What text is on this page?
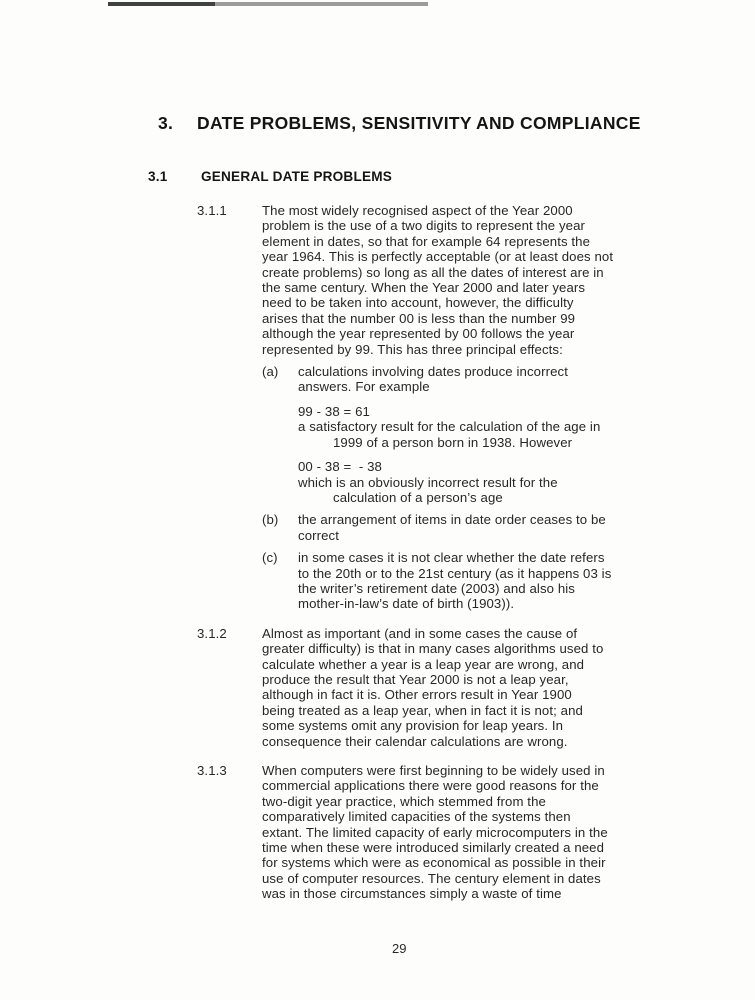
3.	DATE PROBLEMS, SENSITIVITY AND COMPLIANCE
3.1	GENERAL DATE PROBLEMS
3.1.1	The most widely recognised aspect of the Year 2000
problem is the use of a two digits to represent the year
element in dates, so that for example 64 represents the
year 1964. This is perfectly acceptable (or at least does not
create problems) so long as all the dates of interest are in
the same century. When the Year 2000 and later years
need to be taken into account, however, the difficulty
arises that the number 00 is less than the number 99
although the year represented by 00 follows the year
represented by 99. This has three principal effects:
(a)	calculations involving dates produce incorrect
answers. For example
99 - 38 = 61
a satisfactory result for the calculation of the age in
1999 of a person born in 1938. However
00 - 38 =  - 38
which is an obviously incorrect result for the
calculation of a person’s age
(b)	the arrangement of items in date order ceases to be
correct
(c)	in some cases it is not clear whether the date refers
to the 20th or to the 21st century (as it happens 03 is
the writer’s retirement date (2003) and also his
mother-in-law’s date of birth (1903)).
3.1.2	Almost as important (and in some cases the cause of
greater difficulty) is that in many cases algorithms used to
calculate whether a year is a leap year are wrong, and
produce the result that Year 2000 is not a leap year,
although in fact it is. Other errors result in Year 1900
being treated as a leap year, when in fact it is not; and
some systems omit any provision for leap years. In
consequence their calendar calculations are wrong.
3.1.3	When computers were first beginning to be widely used in
commercial applications there were good reasons for the
two-digit year practice, which stemmed from the
comparatively limited capacities of the systems then
extant. The limited capacity of early microcomputers in the
time when these were introduced similarly created a need
for systems which were as economical as possible in their
use of computer resources. The century element in dates
was in those circumstances simply a waste of time
29
